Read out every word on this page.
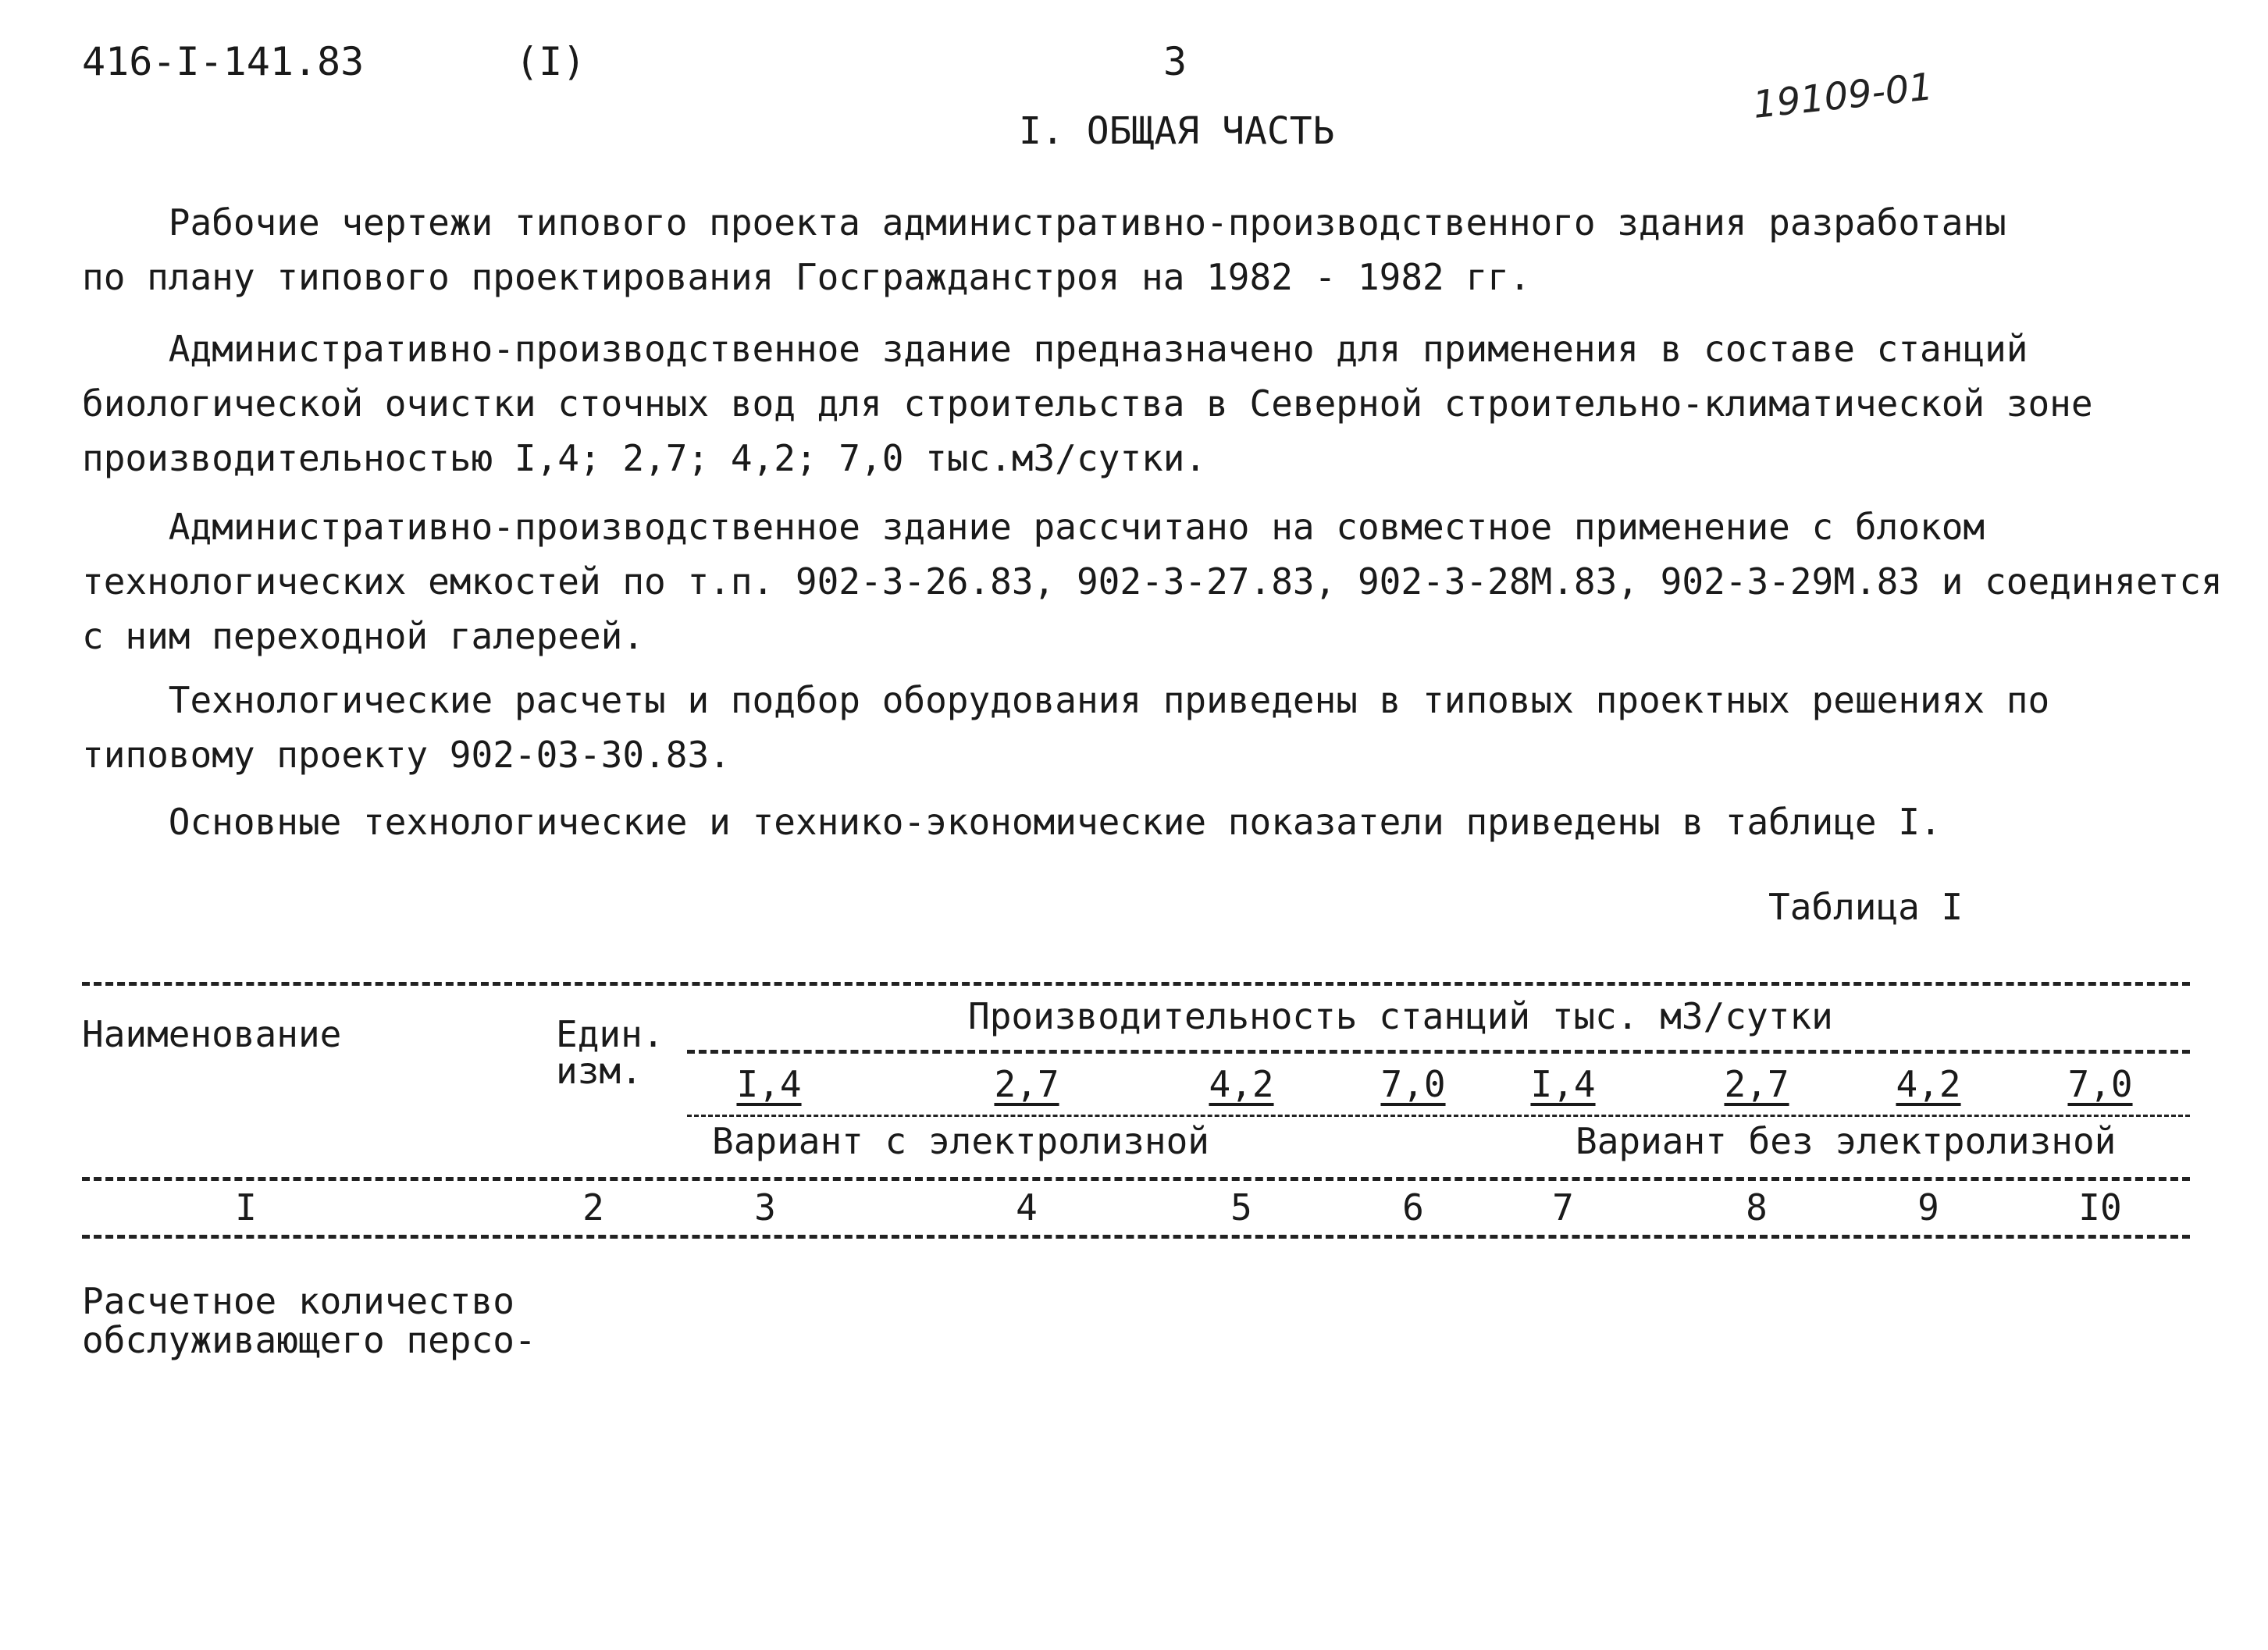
416-I-141.83	(I)	3
19109-01
I. ОБЩАЯ ЧАСТЬ
Рабочие чертежи типового проекта административно-производственного здания разработаны
по плану типового проектирования Госгражданстроя на 1982 - 1982 гг.
Административно-производственное здание предназначено для применения в составе станций
биологической очистки сточных вод для строительства в Северной строительно-климатической зоне
производительностью I,4; 2,7; 4,2; 7,0 тыс.м3/сутки.
Административно-производственное здание рассчитано на совместное применение с блоком
технологических емкостей по т.п. 902-3-26.83, 902-3-27.83, 902-3-28М.83, 902-3-29М.83 и соединяется
с ним переходной галереей.
Технологические расчеты и подбор оборудования приведены в типовых проектных решениях по
типовому проекту 902-03-30.83.
Основные технологические и технико-экономические показатели приведены в таблице I.
Таблица I
Наименование	Един.
изм.
Производительность станций тыс. м3/сутки
I,4	2,7	4,2	7,0	I,4	2,7	4,2	7,0
Вариант с электролизной	Вариант без электролизной
I	2	3	4	5	6	7	8	9	I0
Расчетное количество
обслуживающего персо-
